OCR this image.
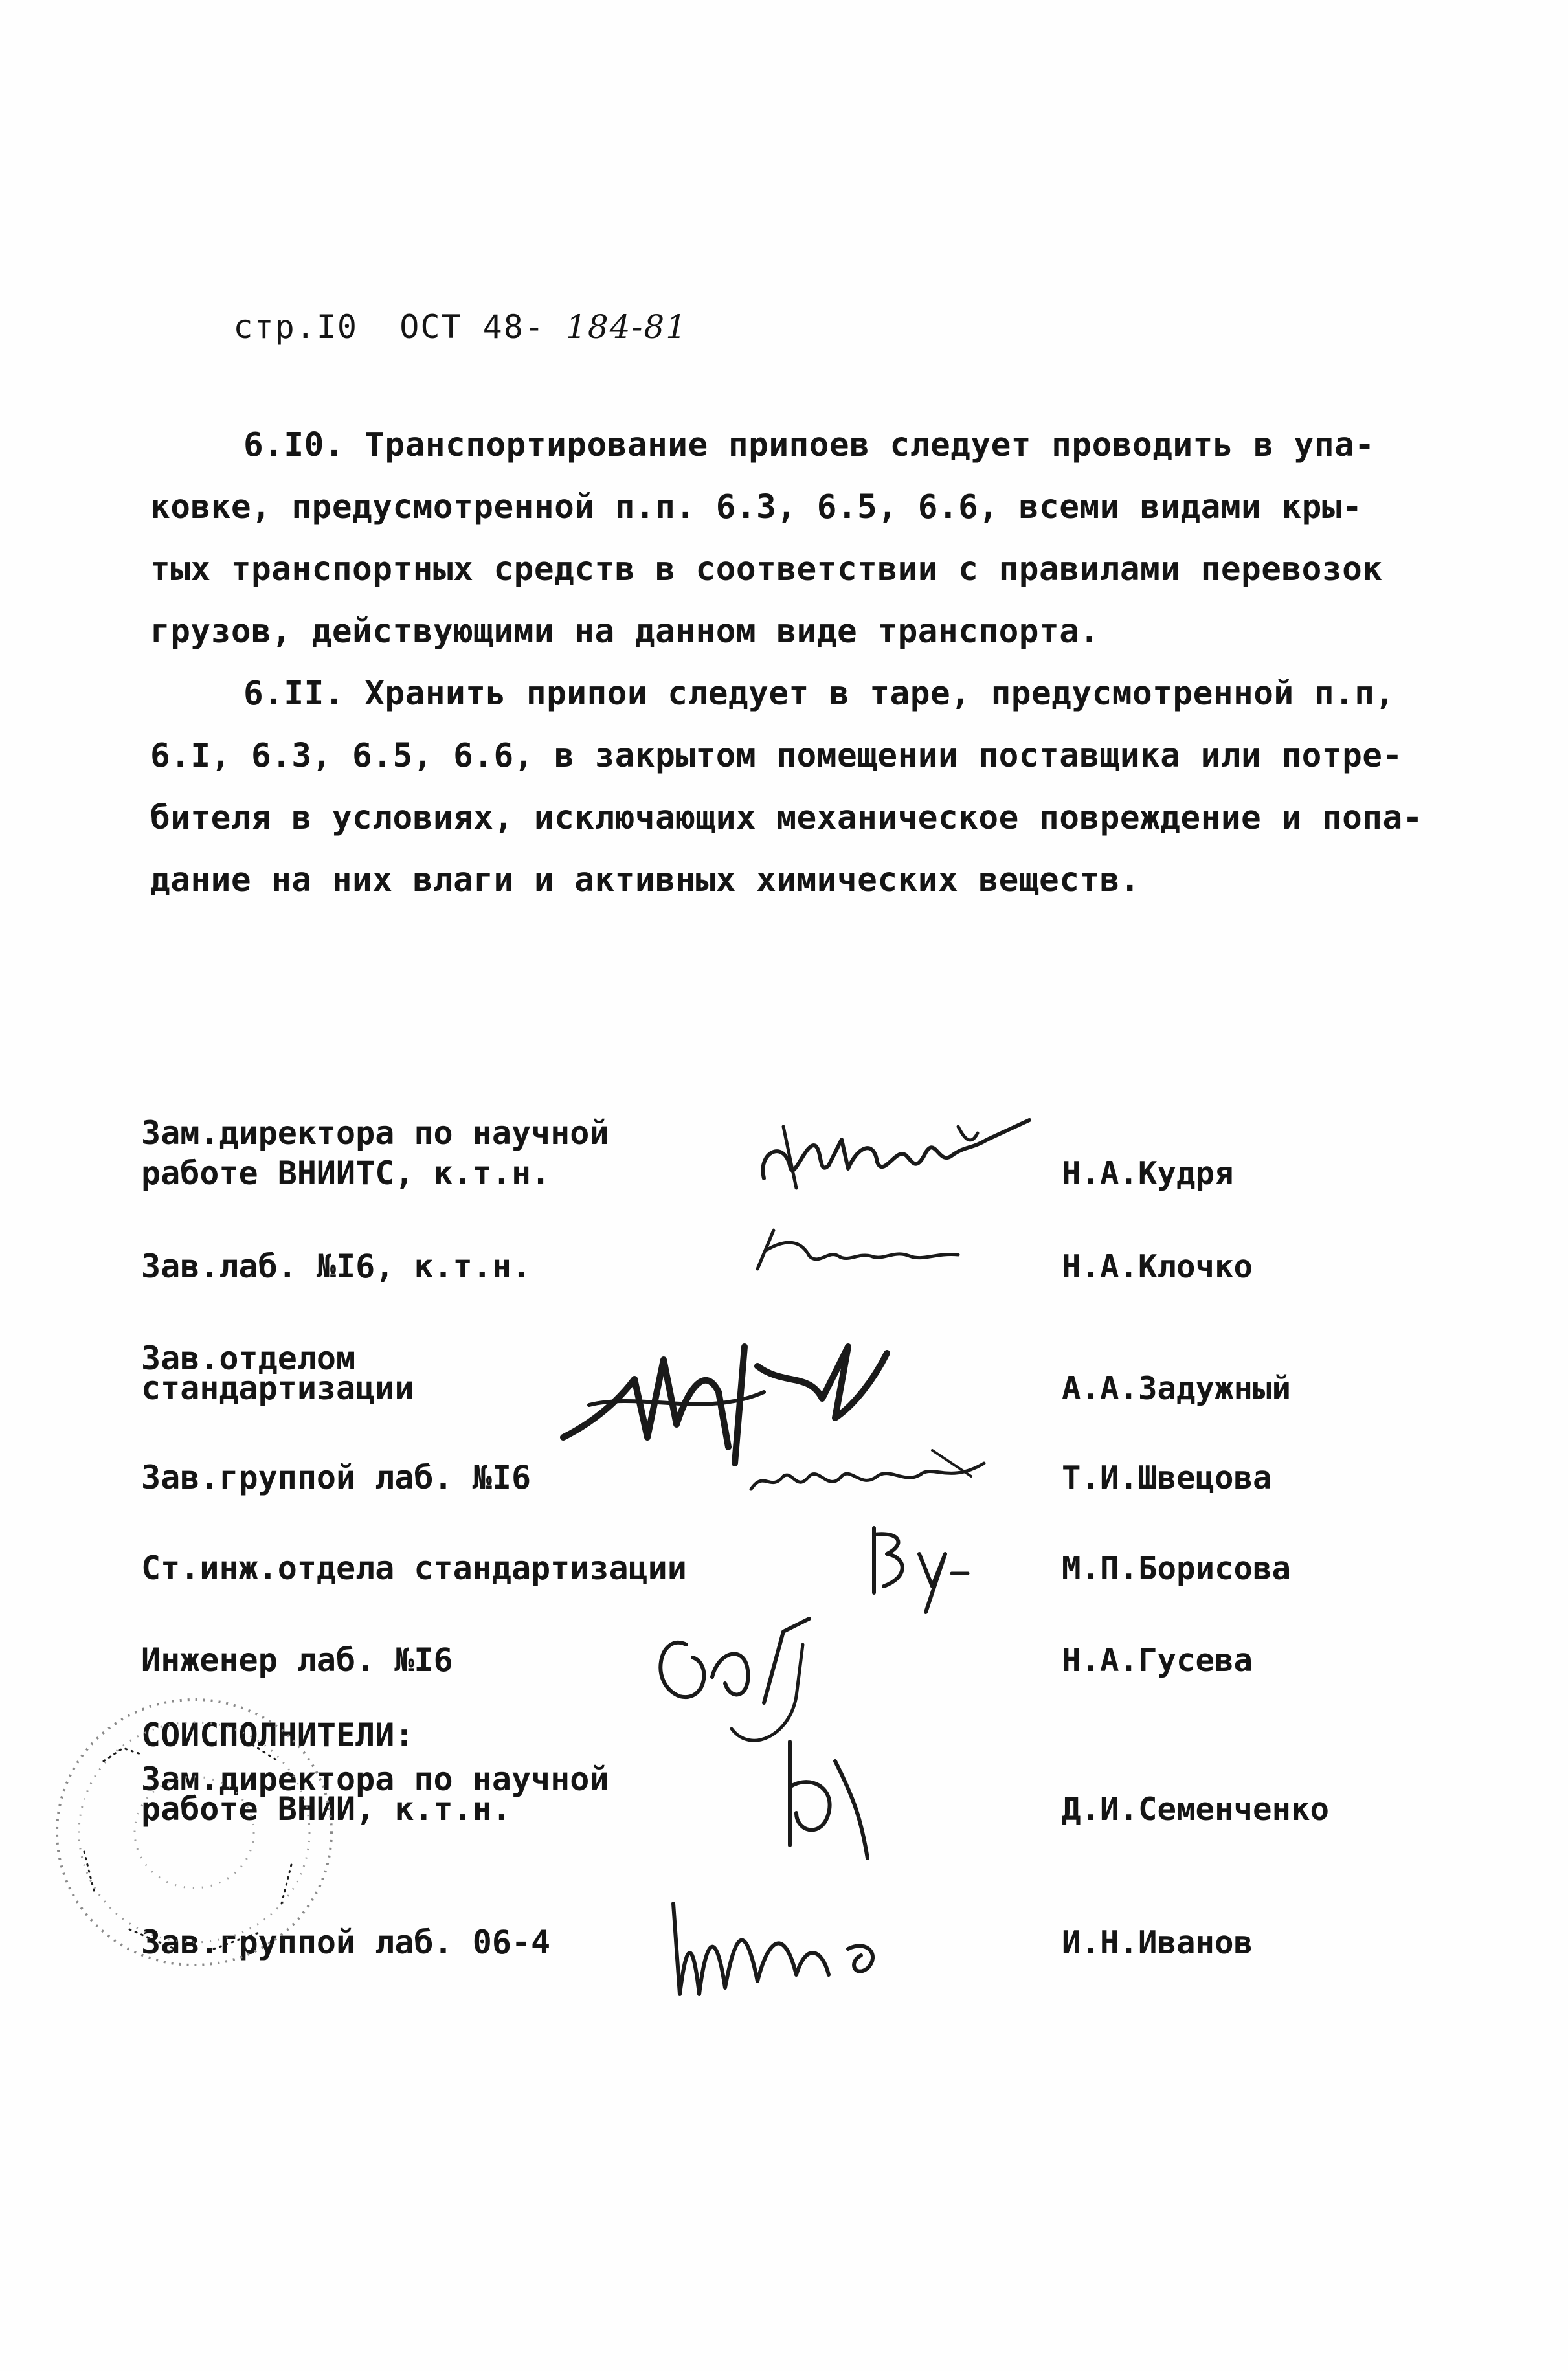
стр.I0  ОСТ 48- 184-81

6.I0. Транспортирование припоев следует проводить в упа-
ковке, предусмотренной п.п. 6.3, 6.5, 6.6, всеми видами кры-
тых транспортных средств в соответствии с правилами перевозок
грузов, действующими на данном виде транспорта.
6.II. Хранить припои следует в таре, предусмотренной п.п,
6.I, 6.3, 6.5, 6.6, в закрытом помещении поставщика или потре-
бителя в условиях, исключающих механическое повреждение и попа-
дание на них влаги и активных химических веществ.
Зам.директора по научной
работе ВНИИТС, к.т.н.	Н.А.Кудря
Зав.лаб. №I6, к.т.н.	Н.А.Клочко
Зав.отделом
стандартизации	А.А.Задужный
Зав.группой лаб. №I6	Т.И.Швецова
Ст.инж.отдела стандартизации	М.П.Борисова
Инженер лаб. №I6	Н.А.Гусева
СОИСПОЛНИТЕЛИ:
Зам.директора по научной
работе ВНИИ, к.т.н.	Д.И.Семенченко
Зав.группой лаб. 06-4	И.Н.Иванов
